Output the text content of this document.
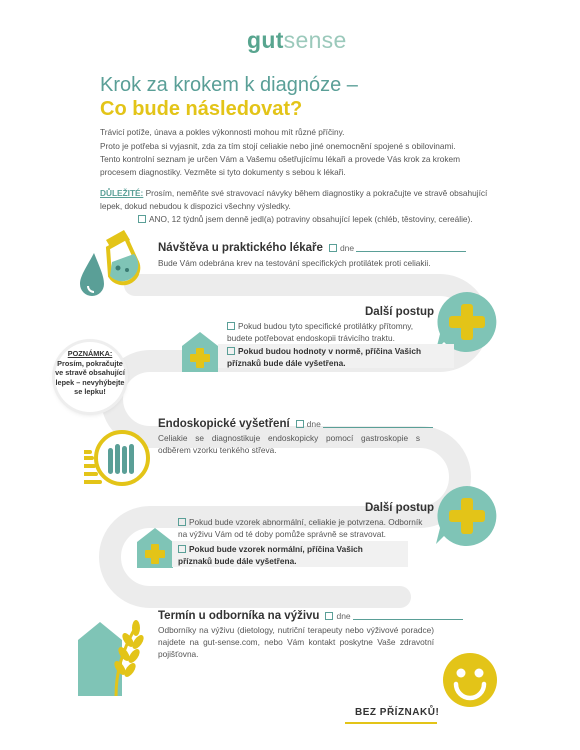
gutsense
Krok za krokem k diagnóze –
Co bude následovat?

Trávicí potíže, únava a pokles výkonnosti mohou mít různé příčiny.

Proto je potřeba si vyjasnit, zda za tím stojí celiakie nebo jiné onemocnění spojené s obilovinami.

Tento kontrolní seznam je určen Vám a Vašemu ošetřujícímu lékaři a provede Vás krok za krokem procesem diagnostiky. Vezměte si tyto dokumenty s sebou k lékaři.

DŮLEŽITÉ: Prosím, neměňte své stravovací návyky během diagnostiky a pokračujte ve stravě obsahující lepek, dokud nebudou k dispozici všechny výsledky.
ANO, 12 týdnů jsem denně jedl(a) potraviny obsahující lepek (chléb, těstoviny, cereálie).
Návštěva u praktického lékaře dne
Bude Vám odebrána krev na testování specifických protilátek proti celiakii.
Další postup
Pokud budou tyto specifické protilátky přítomny, budete potřebovat endoskopii trávicího traktu.
Pokud budou hodnoty v normě, příčina Vašich příznaků bude dále vyšetřena.
POZNÁMKA:
Prosím, pokračujte ve stravě obsahující lepek – nevyhýbejte se lepku!
Endoskopické vyšetření dne
Celiakie se diagnostikuje endoskopicky pomocí gastroskopie s odběrem vzorku tenkého střeva.
Další postup
Pokud bude vzorek abnormální, celiakie je potvrzena. Odborník na výživu Vám od té doby pomůže správně se stravovat.
Pokud bude vzorek normální, příčina Vašich příznaků bude dále vyšetřena.
Termín u odborníka na výživu dne
Odborníky na výživu (dietology, nutriční terapeuty nebo výživové poradce) najdete na gut-sense.com, nebo Vám kontakt poskytne Vaše zdravotní pojišťovna.
BEZ PŘÍZNAKŮ!
